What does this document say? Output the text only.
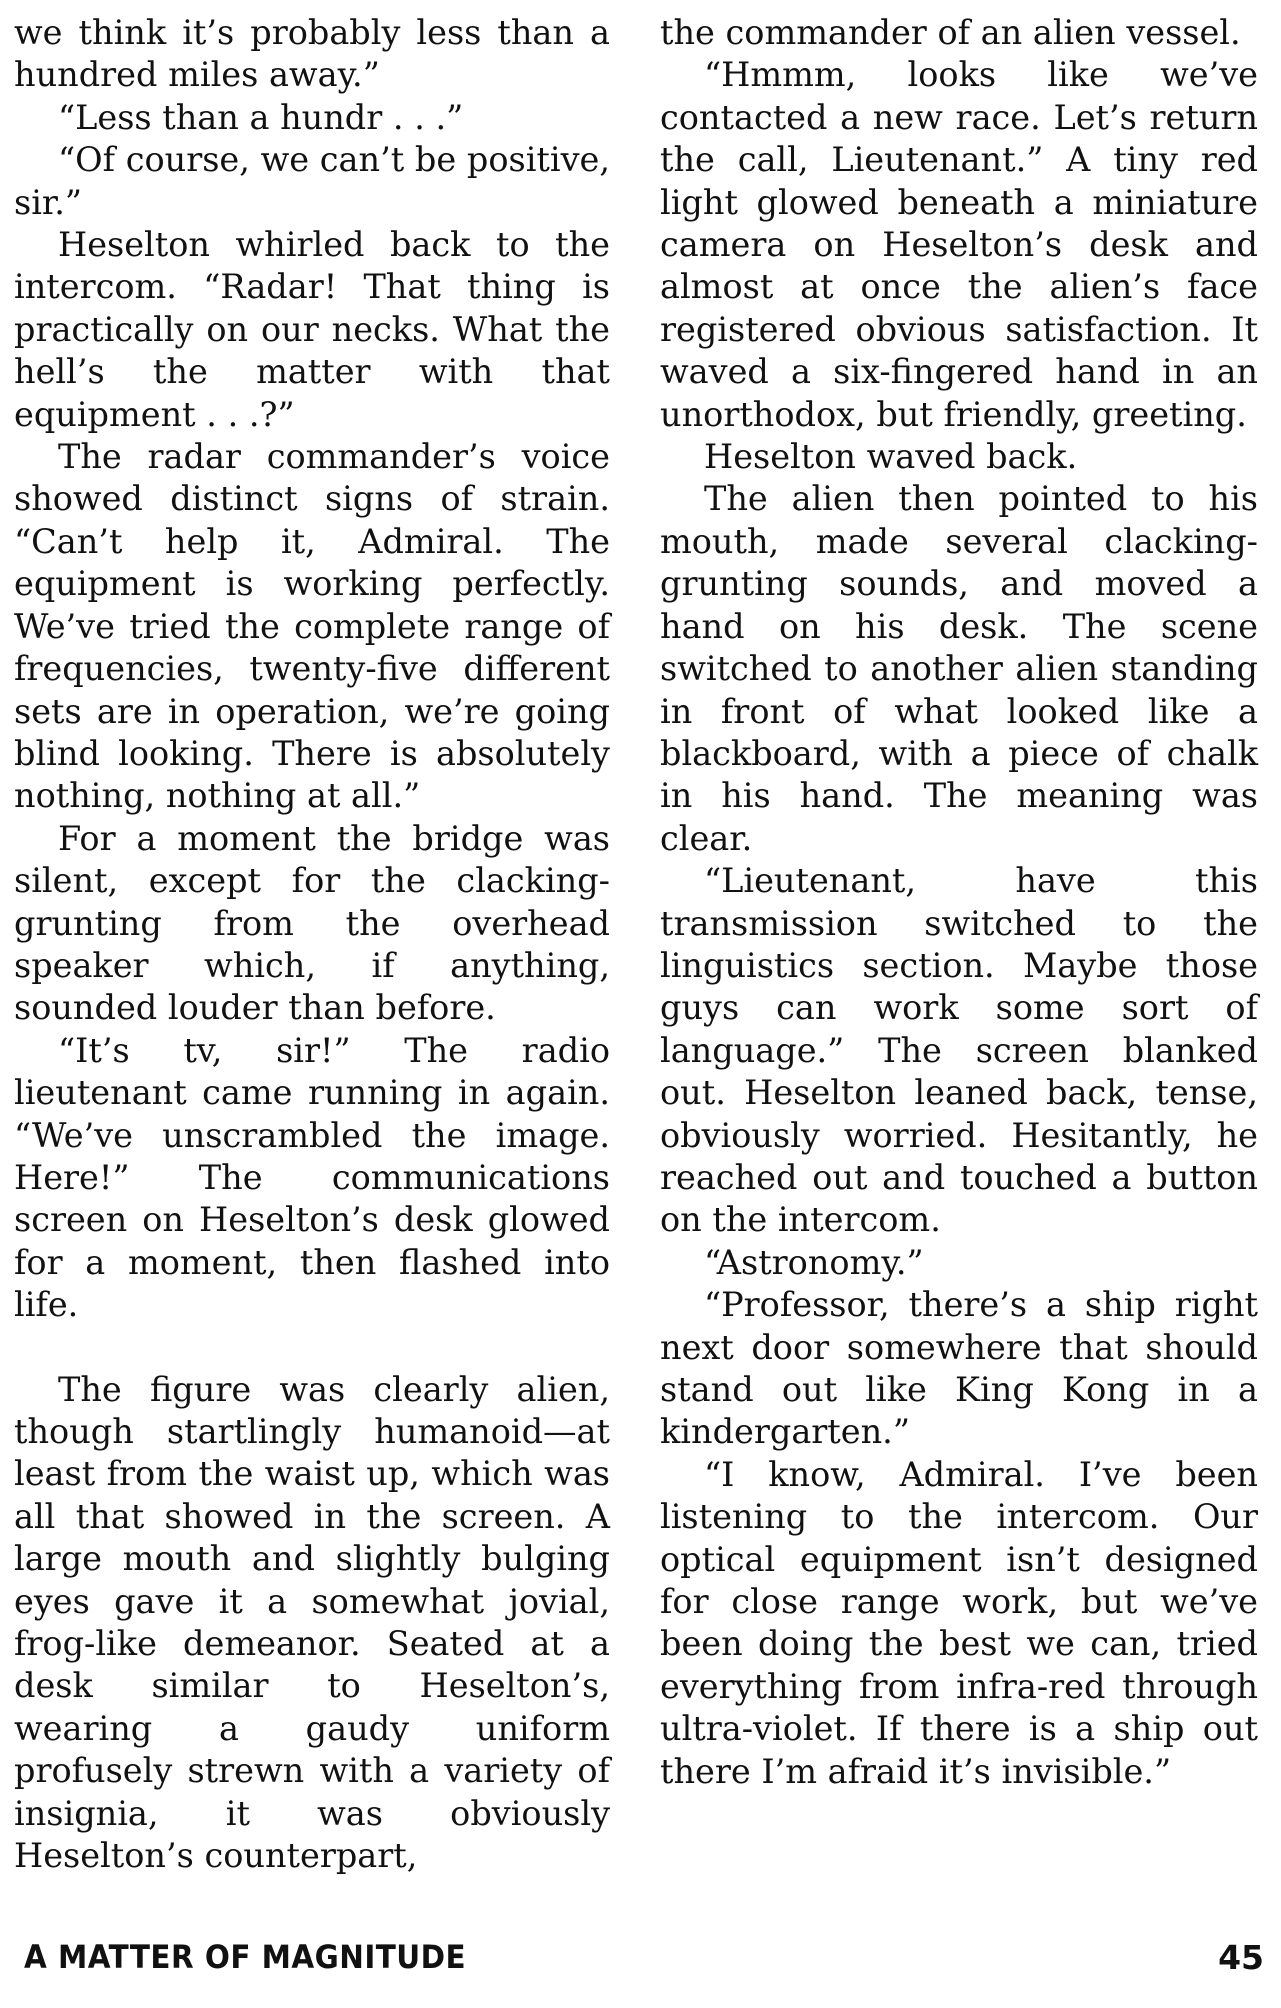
we think it’s probably less than a hundred miles away.”

“Less than a hundr . . .”

“Of course, we can’t be positive, sir.”

Heselton whirled back to the intercom. “Radar! That thing is practically on our necks. What the hell’s the matter with that equipment . . .?”

The radar commander’s voice showed distinct signs of strain. “Can’t help it, Admiral. The equipment is working perfectly. We’ve tried the complete range of frequencies, twenty-five different sets are in operation, we’re going blind looking. There is absolutely nothing, nothing at all.”

For a moment the bridge was silent, except for the clacking-grunting from the overhead speaker which, if anything, sounded louder than before.

“It’s tv, sir!” The radio lieutenant came running in again. “We’ve unscrambled the image. Here!” The communications screen on Heselton’s desk glowed for a moment, then flashed into life.

The figure was clearly alien, though startlingly humanoid—at least from the waist up, which was all that showed in the screen. A large mouth and slightly bulging eyes gave it a somewhat jovial, frog-like demeanor. Seated at a desk similar to Heselton’s, wearing a gaudy uniform profusely strewn with a variety of insignia, it was obviously Heselton’s counterpart,

the commander of an alien vessel.

“Hmmm, looks like we’ve contacted a new race. Let’s return the call, Lieutenant.” A tiny red light glowed beneath a miniature camera on Heselton’s desk and almost at once the alien’s face registered obvious satisfaction. It waved a six-fingered hand in an unorthodox, but friendly, greeting.

Heselton waved back.

The alien then pointed to his mouth, made several clacking-grunting sounds, and moved a hand on his desk. The scene switched to another alien standing in front of what looked like a blackboard, with a piece of chalk in his hand. The meaning was clear.

“Lieutenant, have this transmission switched to the linguistics section. Maybe those guys can work some sort of language.” The screen blanked out. Heselton leaned back, tense, obviously worried. Hesitantly, he reached out and touched a button on the intercom.

“Astronomy.”

“Professor, there’s a ship right next door somewhere that should stand out like King Kong in a kindergarten.”

“I know, Admiral. I’ve been listening to the intercom. Our optical equipment isn’t designed for close range work, but we’ve been doing the best we can, tried everything from infra-red through ultra-violet. If there is a ship out there I’m afraid it’s invisible.”

A MATTER OF MAGNITUDE	45
